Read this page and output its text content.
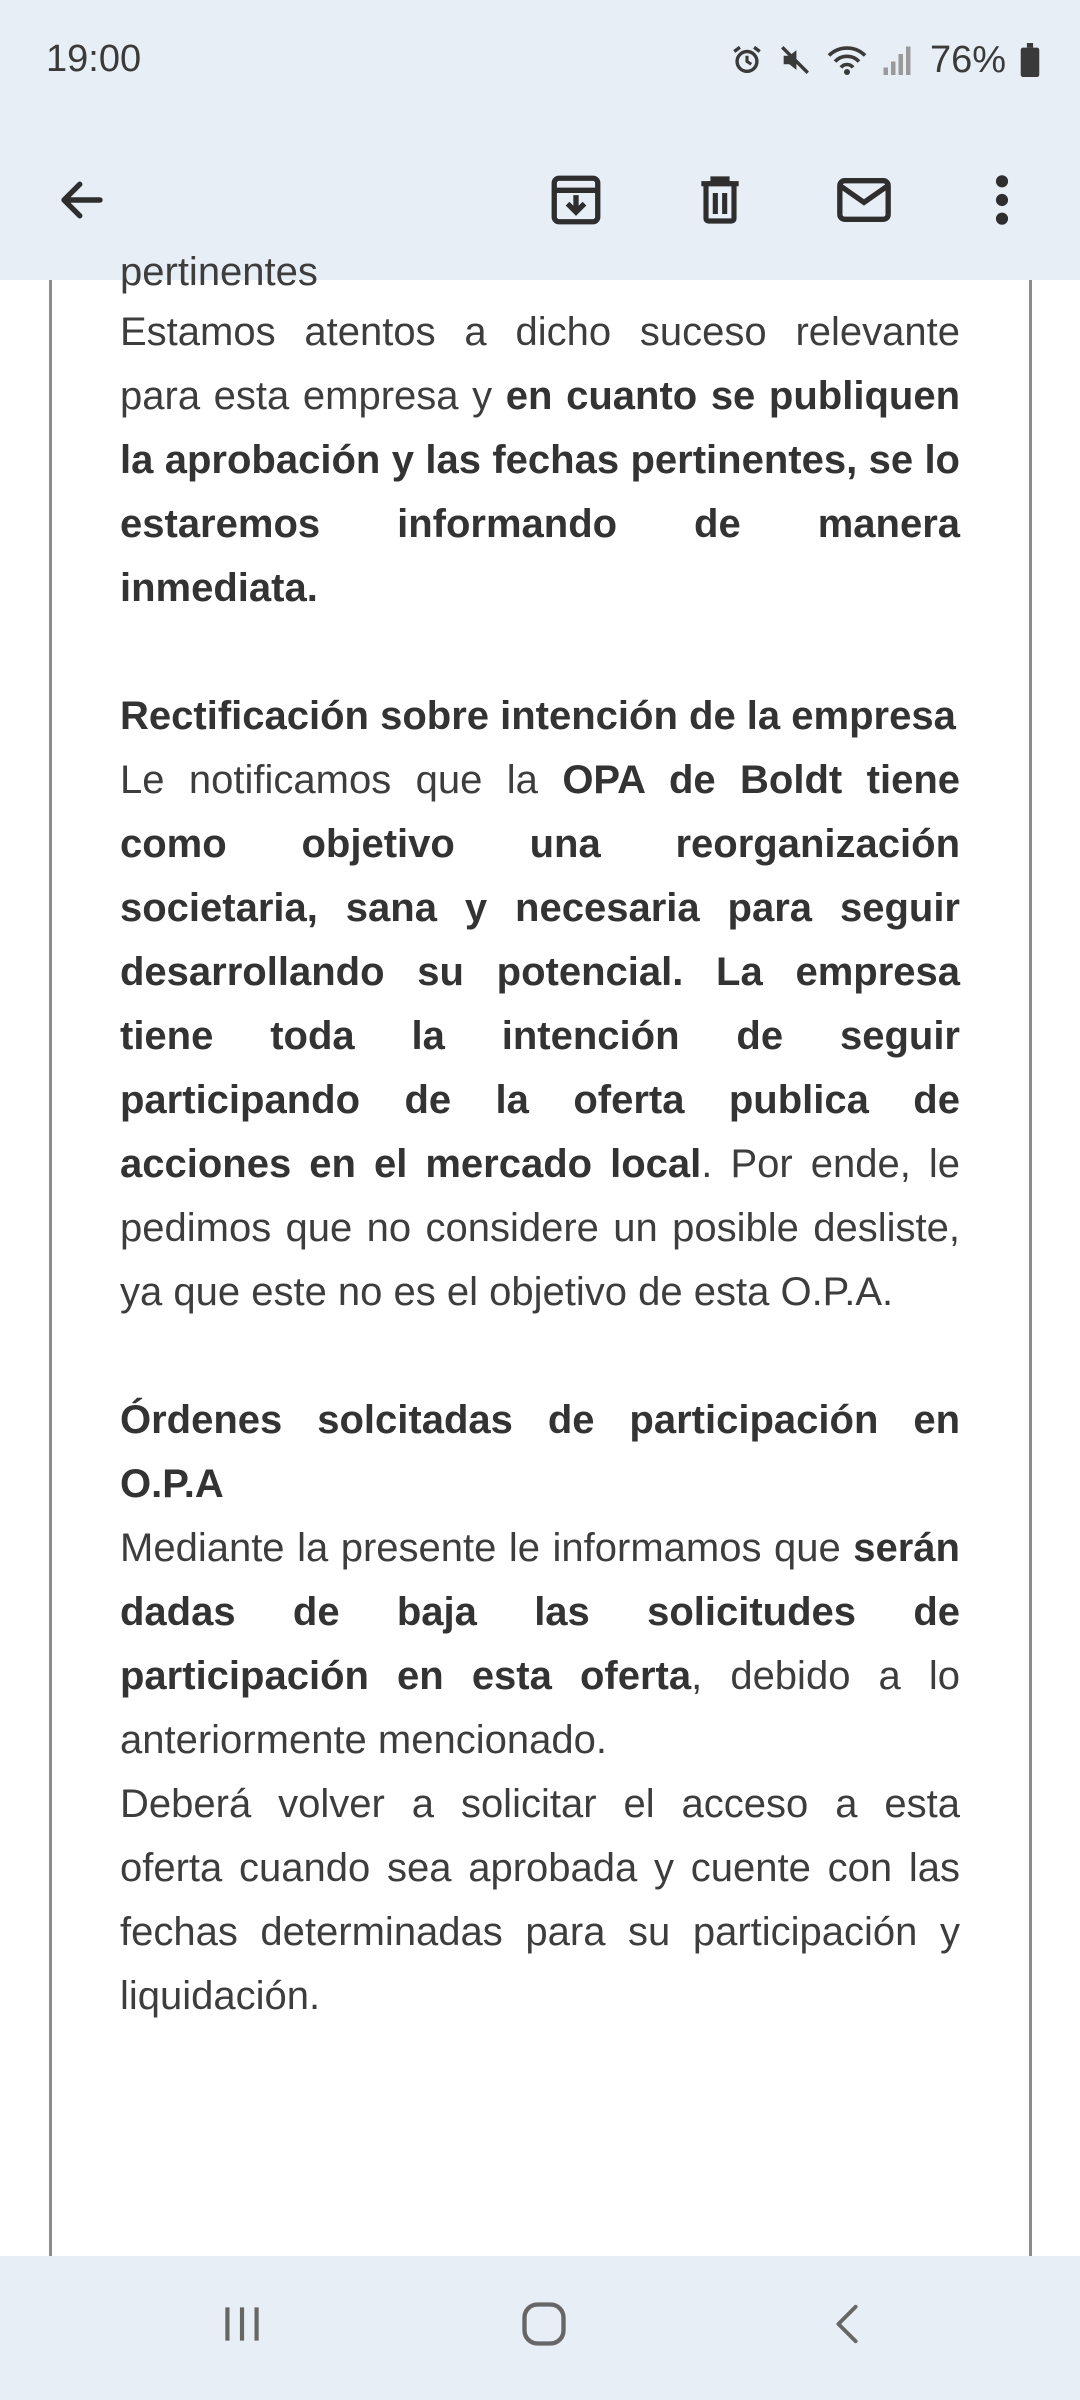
19:00	76%
pertinentes

Estamos atentos a dicho suceso relevante para esta empresa y en cuanto se publiquen la aprobación y las fechas pertinentes, se lo estaremos informando de manera inmediata.

Rectificación sobre intención de la empresa

Le notificamos que la OPA de Boldt tiene como objetivo una reorganización societaria, sana y necesaria para seguir desarrollando su potencial. La empresa tiene toda la intención de seguir participando de la oferta publica de acciones en el mercado local. Por ende, le pedimos que no considere un posible desliste, ya que este no es el objetivo de esta O.P.A.

Órdenes solcitadas de participación en O.P.A

Mediante la presente le informamos que serán dadas de baja las solicitudes de participación en esta oferta, debido a lo anteriormente mencionado.

Deberá volver a solicitar el acceso a esta oferta cuando sea aprobada y cuente con las fechas determinadas para su participación y liquidación.
